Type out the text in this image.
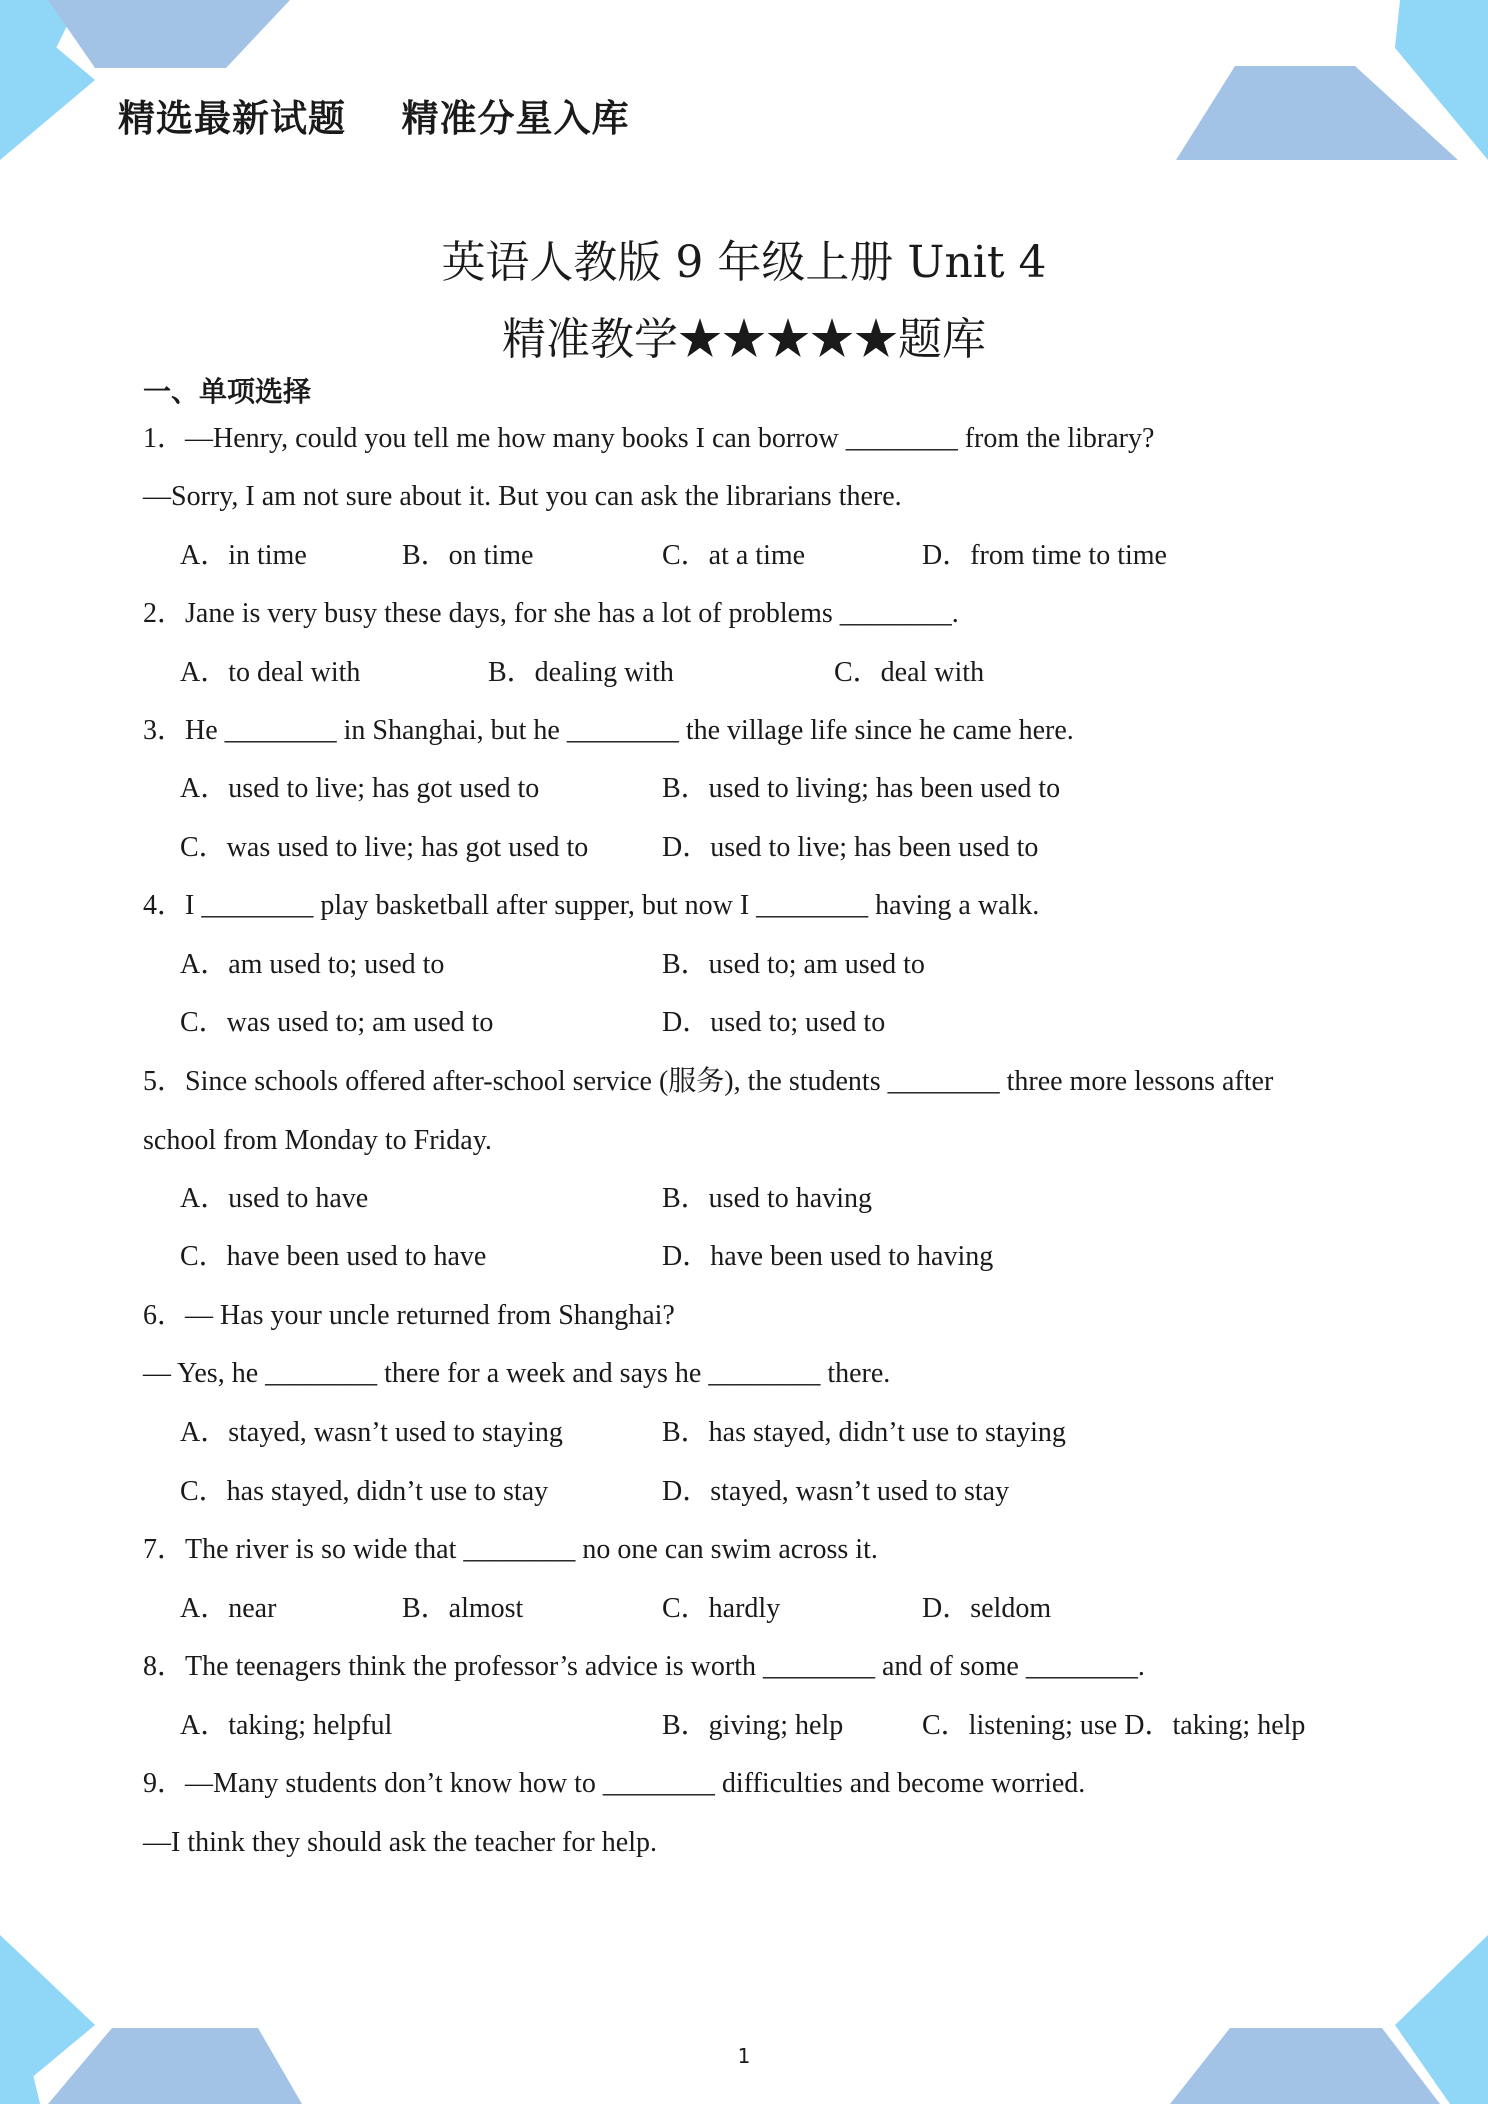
精选最新试题    精准分星入库
英语人教版 9 年级上册 Unit 4
精准教学★★★★★题库
一、单项选择
1．—Henry, could you tell me how many books I can borrow ________ from the library?
—Sorry, I am not sure about it. But you can ask the librarians there.
A．in time	B．on time	C．at a time	D．from time to time
2．Jane is very busy these days, for she has a lot of problems ________.
A．to deal with	B．dealing with	C．deal with
3．He ________ in Shanghai, but he ________ the village life since he came here.
A．used to live; has got used to	B．used to living; has been used to
C．was used to live; has got used to	D．used to live; has been used to
4．I ________ play basketball after supper, but now I ________ having a walk.
A．am used to; used to	B．used to; am used to
C．was used to; am used to	D．used to; used to
5．Since schools offered after-school service (服务), the students ________ three more lessons after
school from Monday to Friday.
A．used to have	B．used to having
C．have been used to have	D．have been used to having
6．— Has your uncle returned from Shanghai?
— Yes, he ________ there for a week and says he ________ there.
A．stayed, wasn’t used to staying	B．has stayed, didn’t use to staying
C．has stayed, didn’t use to stay	D．stayed, wasn’t used to stay
7．The river is so wide that ________ no one can swim across it.
A．near	B．almost	C．hardly	D．seldom
8．The teenagers think the professor’s advice is worth ________ and of some ________.
A．taking; helpful	B．giving; help	C．listening; use D．taking; help
9．—Many students don’t know how to ________ difficulties and become worried.
—I think they should ask the teacher for help.
1
